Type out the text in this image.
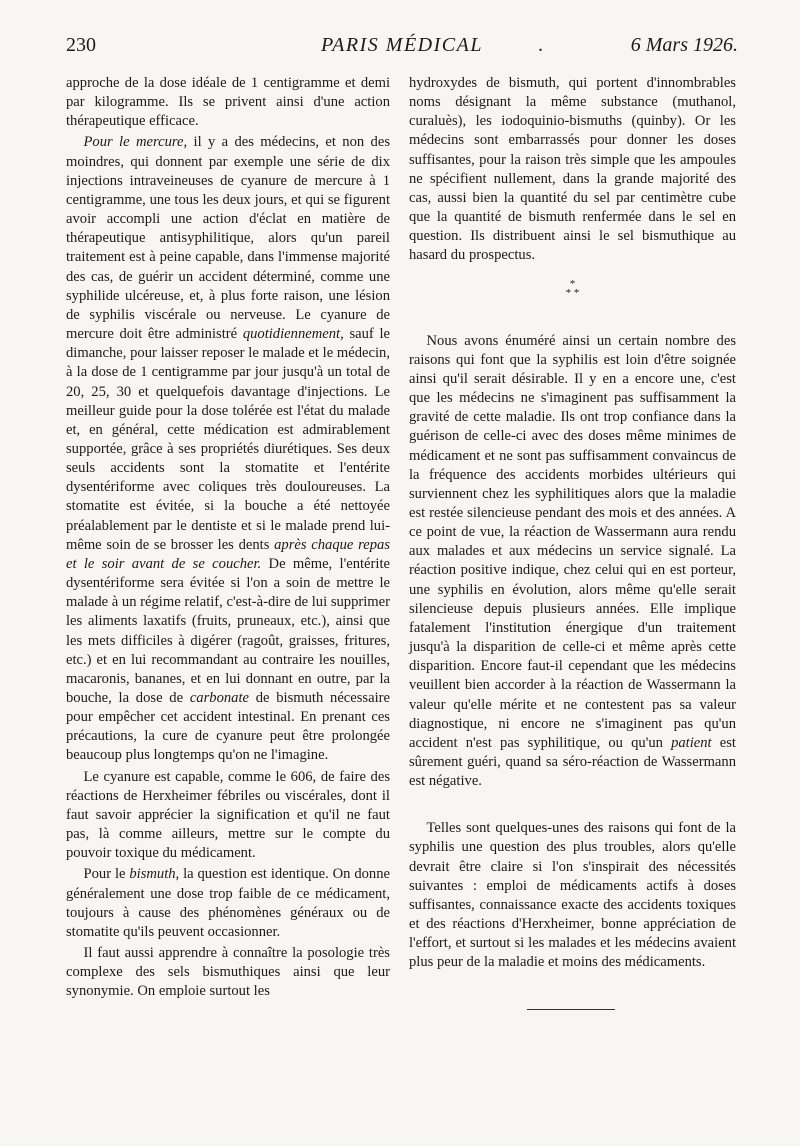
230	PARIS MÉDICAL	.	6 Mars 1926.

approche de la dose idéale de 1 centigramme et demi par kilogramme. Ils se privent ainsi d'une action thérapeutique efficace.

Pour le mercure, il y a des médecins, et non des moindres, qui donnent par exemple une série de dix injections intraveineuses de cyanure de mercure à 1 centigramme, une tous les deux jours, et qui se figurent avoir accompli une action d'éclat en matière de thérapeutique antisyphilitique, alors qu'un pareil traitement est à peine capable, dans l'immense majorité des cas, de guérir un accident déterminé, comme une syphilide ulcéreuse, et, à plus forte raison, une lésion de syphilis viscérale ou nerveuse. Le cyanure de mercure doit être administré quotidiennement, sauf le dimanche, pour laisser reposer le malade et le médecin, à la dose de 1 centigramme par jour jusqu'à un total de 20, 25, 30 et quelquefois davantage d'injections. Le meilleur guide pour la dose tolérée est l'état du malade et, en général, cette médication est admirablement supportée, grâce à ses propriétés diurétiques. Ses deux seuls accidents sont la stomatite et l'entérite dysentériforme avec coliques très douloureuses. La stomatite est évitée, si la bouche a été nettoyée préalablement par le dentiste et si le malade prend lui-même soin de se brosser les dents après chaque repas et le soir avant de se coucher. De même, l'entérite dysentériforme sera évitée si l'on a soin de mettre le malade à un régime relatif, c'est-à-dire de lui supprimer les aliments laxatifs (fruits, pruneaux, etc.), ainsi que les mets difficiles à digérer (ragoût, graisses, fritures, etc.) et en lui recommandant au contraire les nouilles, macaronis, bananes, et en lui donnant en outre, par la bouche, la dose de carbonate de bismuth nécessaire pour empêcher cet accident intestinal. En prenant ces précautions, la cure de cyanure peut être prolongée beaucoup plus longtemps qu'on ne l'imagine.

Le cyanure est capable, comme le 606, de faire des réactions de Herxheimer fébriles ou viscérales, dont il faut savoir apprécier la signification et qu'il ne faut pas, là comme ailleurs, mettre sur le compte du pouvoir toxique du médicament.

Pour le bismuth, la question est identique. On donne généralement une dose trop faible de ce médicament, toujours à cause des phénomènes généraux ou de stomatite qu'ils peuvent occasionner.

Il faut aussi apprendre à connaître la posologie très complexe des sels bismuthiques ainsi que leur synonymie. On emploie surtout les

hydroxydes de bismuth, qui portent d'innombrables noms désignant la même substance (muthanol, curaluès), les iodoquinio-bismuths (quinby). Or les médecins sont embarrassés pour donner les doses suffisantes, pour la raison très simple que les ampoules ne spécifient nullement, dans la grande majorité des cas, aussi bien la quantité du sel par centimètre cube que la quantité de bismuth renfermée dans le sel en question. Ils distribuent ainsi le sel bismuthique au hasard du prospectus.

*
* *

Nous avons énuméré ainsi un certain nombre des raisons qui font que la syphilis est loin d'être soignée ainsi qu'il serait désirable. Il y en a encore une, c'est que les médecins ne s'imaginent pas suffisamment la gravité de cette maladie. Ils ont trop confiance dans la guérison de celle-ci avec des doses même minimes de médicament et ne sont pas suffisamment convaincus de la fréquence des accidents morbides ultérieurs qui surviennent chez les syphilitiques alors que la maladie est restée silencieuse pendant des mois et des années. A ce point de vue, la réaction de Wassermann aura rendu aux malades et aux médecins un service signalé. La réaction positive indique, chez celui qui en est porteur, une syphilis en évolution, alors même qu'elle serait silencieuse depuis plusieurs années. Elle implique fatalement l'institution énergique d'un traitement jusqu'à la disparition de celle-ci et même après cette disparition. Encore faut-il cependant que les médecins veuillent bien accorder à la réaction de Wassermann la valeur qu'elle mérite et ne contestent pas sa valeur diagnostique, ni encore ne s'imaginent pas qu'un accident n'est pas syphilitique, ou qu'un patient est sûrement guéri, quand sa séro-réaction de Wassermann est négative.

Telles sont quelques-unes des raisons qui font de la syphilis une question des plus troubles, alors qu'elle devrait être claire si l'on s'inspirait des nécessités suivantes : emploi de médicaments actifs à doses suffisantes, connaissance exacte des accidents toxiques et des réactions d'Herxheimer, bonne appréciation de l'effort, et surtout si les malades et les médecins avaient plus peur de la maladie et moins des médicaments.
